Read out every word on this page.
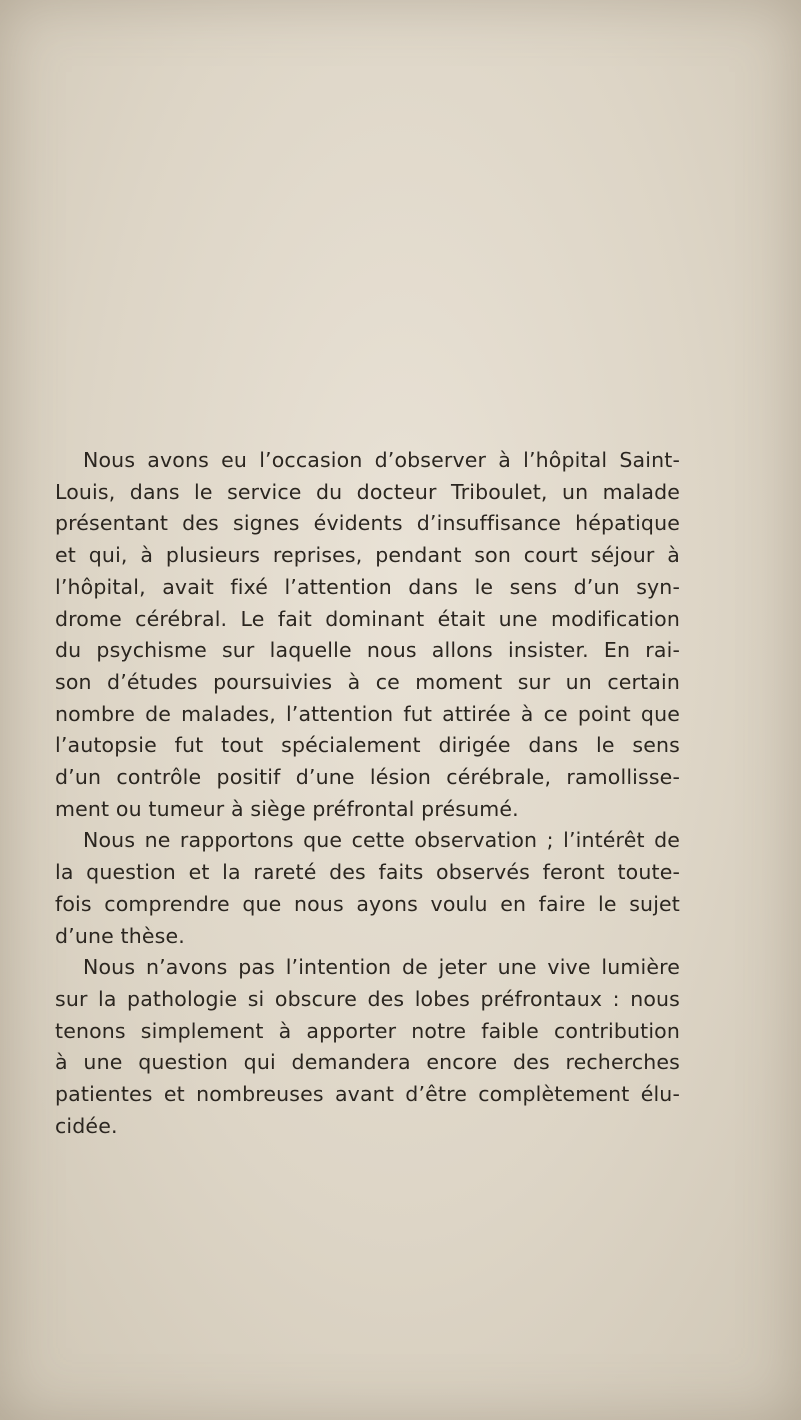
Nous avons eu l’occasion d’observer à l’hôpital Saint-
Louis, dans le service du docteur Triboulet, un malade
présentant des signes évidents d’insuffisance hépatique
et qui, à plusieurs reprises, pendant son court séjour à
l’hôpital, avait fixé l’attention dans le sens d’un syn-
drome cérébral. Le fait dominant était une modification
du psychisme sur laquelle nous allons insister. En rai-
son d’études poursuivies à ce moment sur un certain
nombre de malades, l’attention fut attirée à ce point que
l’autopsie fut tout spécialement dirigée dans le sens
d’un contrôle positif d’une lésion cérébrale, ramollisse-
ment ou tumeur à siège préfrontal présumé.

Nous ne rapportons que cette observation ; l’intérêt de
la question et la rareté des faits observés feront toute-
fois comprendre que nous ayons voulu en faire le sujet
d’une thèse.

Nous n’avons pas l’intention de jeter une vive lumière
sur la pathologie si obscure des lobes préfrontaux : nous
tenons simplement à apporter notre faible contribution
à une question qui demandera encore des recherches
patientes et nombreuses avant d’être complètement élu-
cidée.
